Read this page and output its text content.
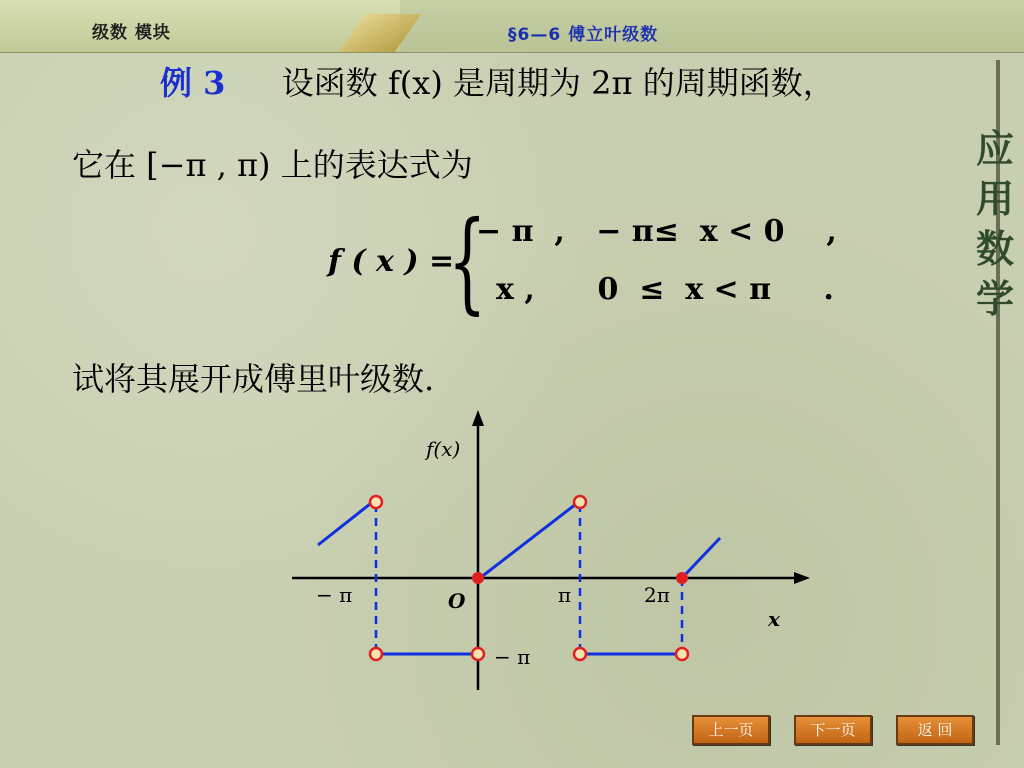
级数 模块	§6—6 傅立叶级数
应
用
数
学
例 3 设函数 f(x) 是周期为 2π 的周期函数，
它在 [−π , π) 上的表达式为
f ( x ) =
{
− π  ,   − π≤  x < 0    ,
x ,      0  ≤  x < π     .
试将其展开成傅里叶级数.
f(x)
x
O
− π	π	2π
− π
上一页	下一页	返 回
